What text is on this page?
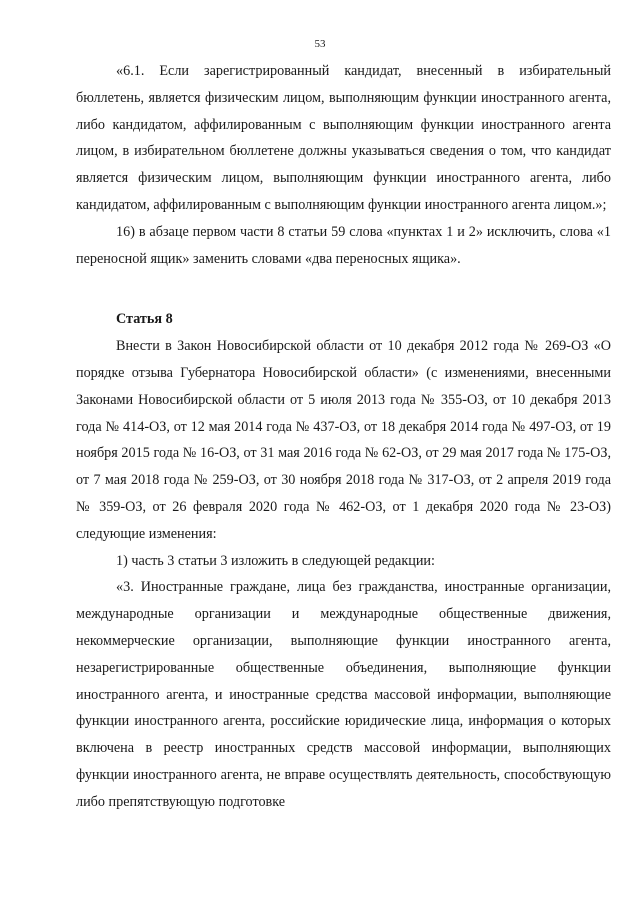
53

«6.1. Если зарегистрированный кандидат, внесенный в избирательный бюллетень, является физическим лицом, выполняющим функции иностранного агента, либо кандидатом, аффилированным с выполняющим функции иностранного агента лицом, в избирательном бюллетене должны указываться сведения о том, что кандидат является физическим лицом, выполняющим функции иностранного агента, либо кандидатом, аффилированным с выполняющим функции иностранного агента лицом.»;

16) в абзаце первом части 8 статьи 59 слова «пунктах 1 и 2» исключить, слова «1 переносной ящик» заменить словами «два переносных ящика».

Статья 8

Внести в Закон Новосибирской области от 10 декабря 2012 года № 269-ОЗ «О порядке отзыва Губернатора Новосибирской области» (с изменениями, внесенными Законами Новосибирской области от 5 июля 2013 года № 355-ОЗ, от 10 декабря 2013 года № 414-ОЗ, от 12 мая 2014 года № 437-ОЗ, от 18 декабря 2014 года № 497-ОЗ, от 19 ноября 2015 года № 16-ОЗ, от 31 мая 2016 года № 62-ОЗ, от 29 мая 2017 года № 175-ОЗ, от 7 мая 2018 года № 259-ОЗ, от 30 ноября 2018 года № 317-ОЗ, от 2 апреля 2019 года № 359-ОЗ, от 26 февраля 2020 года № 462-ОЗ, от 1 декабря 2020 года № 23-ОЗ) следующие изменения:

1) часть 3 статьи 3 изложить в следующей редакции:

«3. Иностранные граждане, лица без гражданства, иностранные организации, международные организации и международные общественные движения, некоммерческие организации, выполняющие функции иностранного агента, незарегистрированные общественные объединения, выполняющие функции иностранного агента, и иностранные средства массовой информации, выполняющие функции иностранного агента, российские юридические лица, информация о которых включена в реестр иностранных средств массовой информации, выполняющих функции иностранного агента, не вправе осуществлять деятельность, способствующую либо препятствующую подготовке
